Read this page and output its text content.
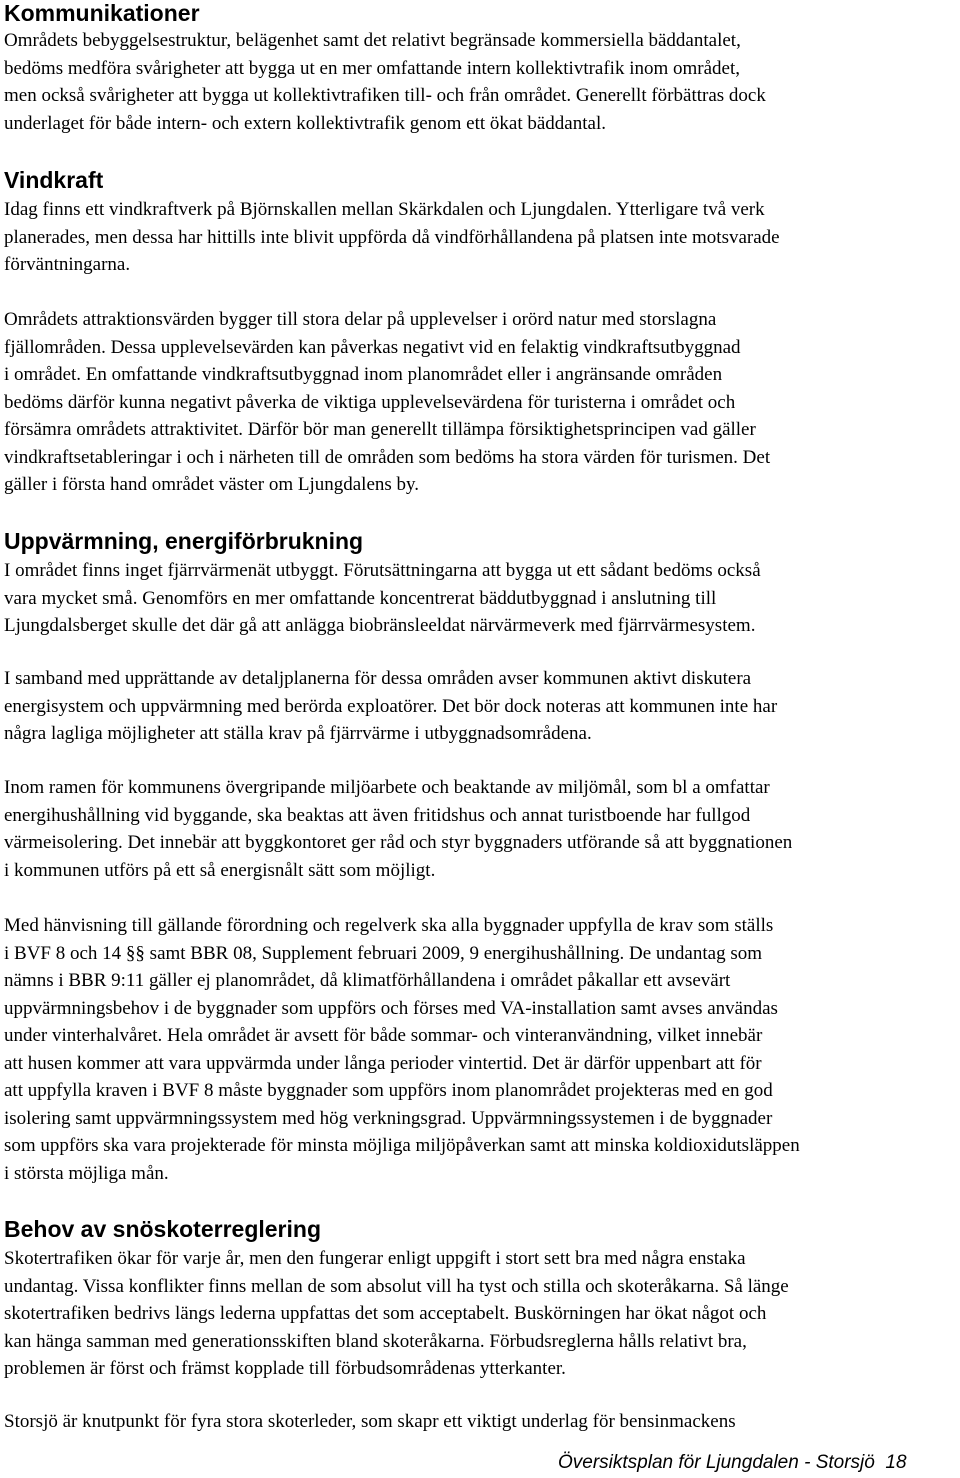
Kommunikationer
Områdets bebyggelsestruktur, belägenhet samt det relativt begränsade kommersiella bäddantalet,
bedöms medföra svårigheter att bygga ut en mer omfattande intern kollektivtrafik inom området,
men också svårigheter att bygga ut kollektivtrafiken till- och från området. Generellt förbättras dock
underlaget för både intern- och extern kollektivtrafik genom ett ökat bäddantal.
Vindkraft
Idag finns ett vindkraftverk på Björnskallen mellan Skärkdalen och Ljungdalen. Ytterligare två verk
planerades, men dessa har hittills inte blivit uppförda då vindförhållandena på platsen inte motsvarade
förväntningarna.
Områdets attraktionsvärden bygger till stora delar på upplevelser i orörd natur med storslagna
fjällområden. Dessa upplevelsevärden kan påverkas negativt vid en felaktig vindkraftsutbyggnad
i området. En omfattande vindkraftsutbyggnad inom planområdet eller i angränsande områden
bedöms därför kunna negativt påverka de viktiga upplevelsevärdena för turisterna i området och
försämra områdets attraktivitet. Därför bör man generellt tillämpa försiktighetsprincipen vad gäller
vindkraftsetableringar i och i närheten till de områden som bedöms ha stora värden för turismen. Det
gäller i första hand området väster om Ljungdalens by.
Uppvärmning, energiförbrukning
I området finns inget fjärrvärmenät utbyggt. Förutsättningarna att bygga ut ett sådant bedöms också
vara mycket små. Genomförs en mer omfattande koncentrerat bäddutbyggnad i anslutning till
Ljungdalsberget skulle det där gå att anlägga biobränsleeldat närvärmeverk med fjärrvärmesystem.
I samband med upprättande av detaljplanerna för dessa områden avser kommunen aktivt diskutera
energisystem och uppvärmning med berörda exploatörer. Det bör dock noteras att kommunen inte har
några lagliga möjligheter att ställa krav på fjärrvärme i utbyggnadsområdena.
Inom ramen för kommunens övergripande miljöarbete och beaktande av miljömål, som bl a omfattar
energihushållning vid byggande, ska beaktas att även fritidshus och annat turistboende har fullgod
värmeisolering. Det innebär att byggkontoret ger råd och styr byggnaders utförande så att byggnationen
i kommunen utförs på ett så energisnålt sätt som möjligt.
Med hänvisning till gällande förordning och regelverk ska alla byggnader uppfylla de krav som ställs
i BVF 8 och 14 §§ samt BBR 08, Supplement februari 2009, 9 energihushållning. De undantag som
nämns i BBR 9:11 gäller ej planområdet, då klimatförhållandena i området påkallar ett avsevärt
uppvärmningsbehov i de byggnader som uppförs och förses med VA-installation samt avses användas
under vinterhalvåret. Hela området är avsett för både sommar- och vinteranvändning, vilket innebär
att husen kommer att vara uppvärmda under långa perioder vintertid. Det är därför uppenbart att för
att uppfylla kraven i BVF 8 måste byggnader som uppförs inom planområdet projekteras med en god
isolering samt uppvärmningssystem med hög verkningsgrad. Uppvärmningssystemen i de byggnader
som uppförs ska vara projekterade för minsta möjliga miljöpåverkan samt att minska koldioxidutsläppen
i största möjliga mån.
Behov av snöskoterreglering
Skotertrafiken ökar för varje år, men den fungerar enligt uppgift i stort sett bra med några enstaka
undantag. Vissa konflikter finns mellan de som absolut vill ha tyst och stilla och skoteråkarna. Så länge
skotertrafiken bedrivs längs lederna uppfattas det som acceptabelt. Buskörningen har ökat något och
kan hänga samman med generationsskiften bland skoteråkarna. Förbudsreglerna hålls relativt bra,
problemen är först och främst kopplade till förbudsområdenas ytterkanter.
Storsjö är knutpunkt för fyra stora skoterleder, som skapr ett viktigt underlag för bensinmackens
Översiktsplan för Ljungdalen - Storsjö 18
